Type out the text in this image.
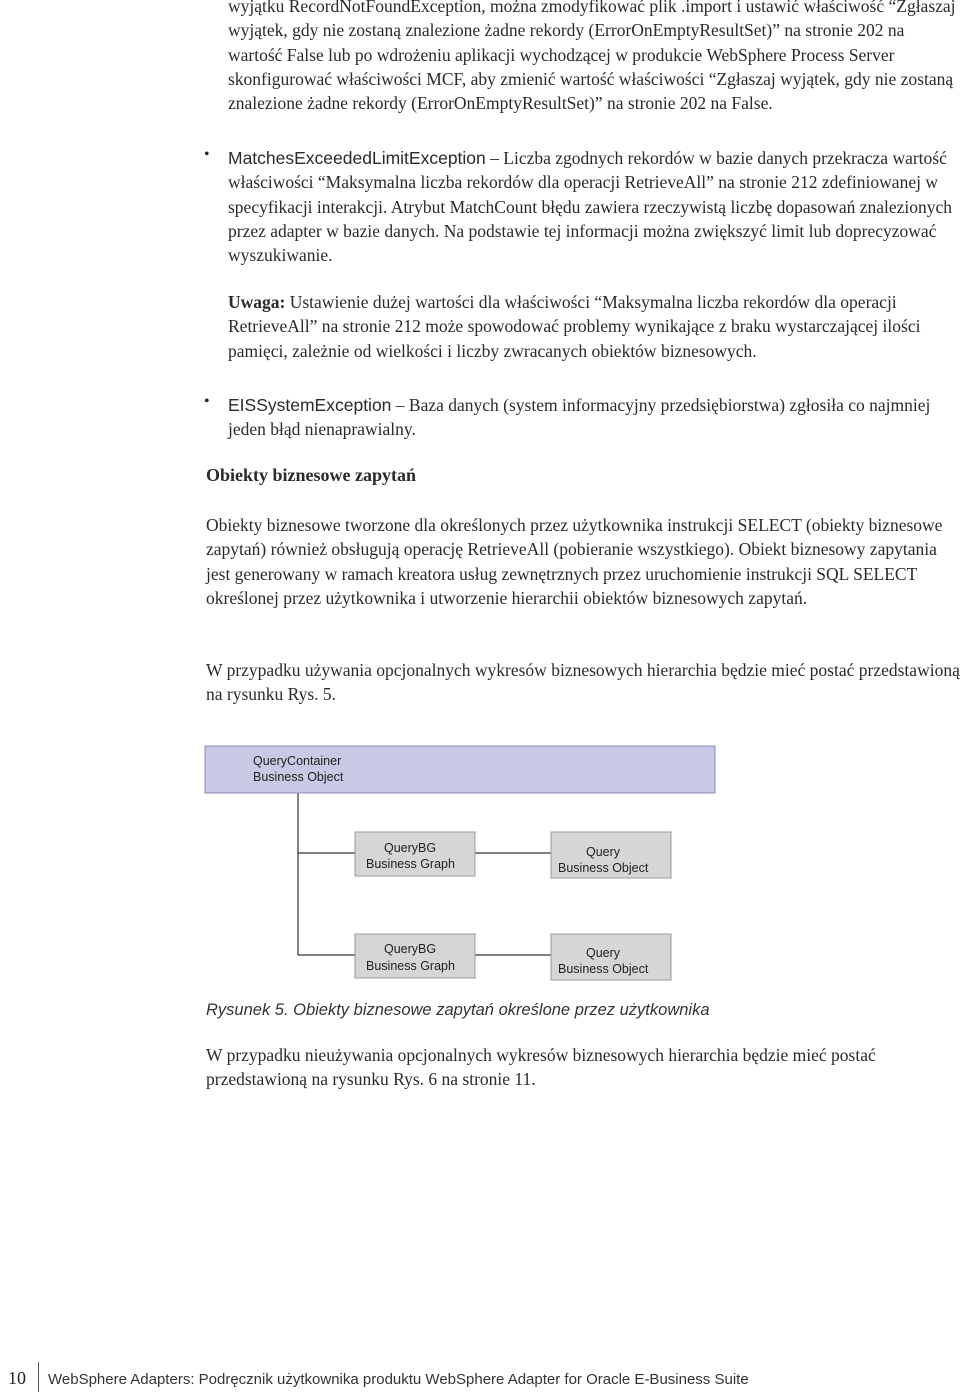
wyjątku RecordNotFoundException, można zmodyfikować plik .import i ustawić właściwość “Zgłaszaj wyjątek, gdy nie zostaną znalezione żadne rekordy (ErrorOnEmptyResultSet)” na stronie 202 na wartość False lub po wdrożeniu aplikacji wychodzącej w produkcie WebSphere Process Server skonfigurować właściwości MCF, aby zmienić wartość właściwości “Zgłaszaj wyjątek, gdy nie zostaną znalezione żadne rekordy (ErrorOnEmptyResultSet)” na stronie 202 na False.
• MatchesExceededLimitException – Liczba zgodnych rekordów w bazie danych przekracza wartość właściwości “Maksymalna liczba rekordów dla operacji RetrieveAll” na stronie 212 zdefiniowanej w specyfikacji interakcji. Atrybut MatchCount błędu zawiera rzeczywistą liczbę dopasowań znalezionych przez adapter w bazie danych. Na podstawie tej informacji można zwiększyć limit lub doprecyzować wyszukiwanie.
Uwaga: Ustawienie dużej wartości dla właściwości “Maksymalna liczba rekordów dla operacji RetrieveAll” na stronie 212 może spowodować problemy wynikające z braku wystarczającej ilości pamięci, zależnie od wielkości i liczby zwracanych obiektów biznesowych.
• EISSystemException – Baza danych (system informacyjny przedsiębiorstwa) zgłosiła co najmniej jeden błąd nienaprawialny.
Obiekty biznesowe zapytań
Obiekty biznesowe tworzone dla określonych przez użytkownika instrukcji SELECT (obiekty biznesowe zapytań) również obsługują operację RetrieveAll (pobieranie wszystkiego). Obiekt biznesowy zapytania jest generowany w ramach kreatora usług zewnętrznych przez uruchomienie instrukcji SQL SELECT określonej przez użytkownika i utworzenie hierarchii obiektów biznesowych zapytań.
W przypadku używania opcjonalnych wykresów biznesowych hierarchia będzie mieć postać przedstawioną na rysunku Rys. 5.
QueryContainer
Business Object
QueryBG
Business Graph
Query
Business Object
QueryBG
Business Graph
Query
Business Object
Rysunek 5. Obiekty biznesowe zapytań określone przez użytkownika
W przypadku nieużywania opcjonalnych wykresów biznesowych hierarchia będzie mieć postać przedstawioną na rysunku Rys. 6 na stronie 11.
10 WebSphere Adapters: Podręcznik użytkownika produktu WebSphere Adapter for Oracle E-Business Suite
